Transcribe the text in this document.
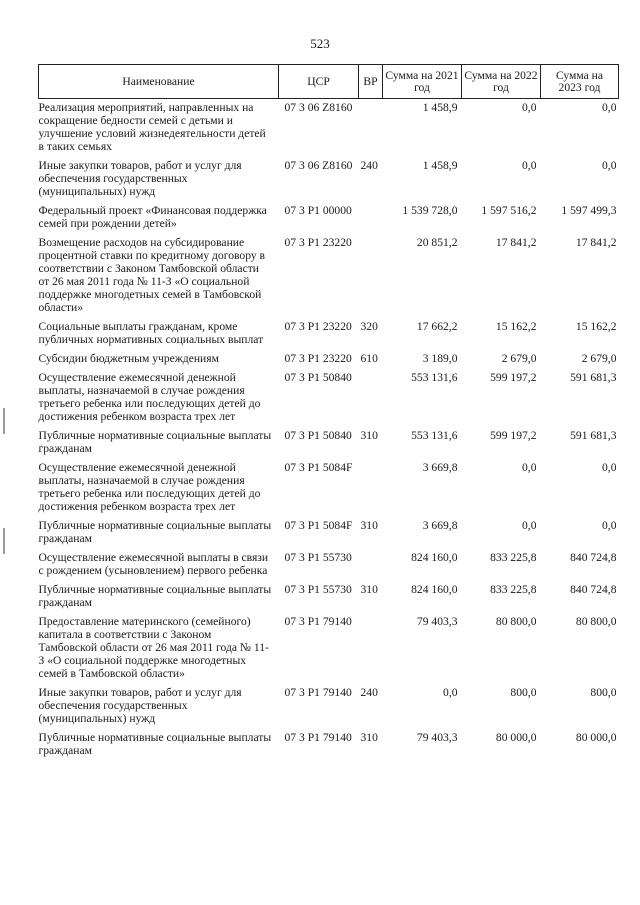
523
Наименование	ЦСР	ВР	Сумма на 2021 год	Сумма на 2022 год	Сумма на 2023 год
Реализация мероприятий, направленных на сокращение бедности семей с детьми и улучшение условий жизнедеятельности детей в таких семьях	07 3 06 Z8160		1 458,9	0,0	0,0
Иные закупки товаров, работ и услуг для обеспечения государственных (муниципальных) нужд	07 3 06 Z8160	240	1 458,9	0,0	0,0
Федеральный проект «Финансовая поддержка семей при рождении детей»	07 3 P1 00000		1 539 728,0	1 597 516,2	1 597 499,3
Возмещение расходов на субсидирование процентной ставки по кредитному договору в соответствии с Законом Тамбовской области от 26 мая 2011 года № 11-З «О социальной поддержке многодетных семей в Тамбовской области»	07 3 P1 23220		20 851,2	17 841,2	17 841,2
Социальные выплаты гражданам, кроме публичных нормативных социальных выплат	07 3 P1 23220	320	17 662,2	15 162,2	15 162,2
Субсидии бюджетным учреждениям	07 3 P1 23220	610	3 189,0	2 679,0	2 679,0
Осуществление ежемесячной денежной выплаты, назначаемой в случае рождения третьего ребенка или последующих детей до достижения ребенком возраста трех лет	07 3 P1 50840		553 131,6	599 197,2	591 681,3
Публичные нормативные социальные выплаты гражданам	07 3 P1 50840	310	553 131,6	599 197,2	591 681,3
Осуществление ежемесячной денежной выплаты, назначаемой в случае рождения третьего ребенка или последующих детей до достижения ребенком возраста трех лет	07 3 P1 5084F		3 669,8	0,0	0,0
Публичные нормативные социальные выплаты гражданам	07 3 P1 5084F	310	3 669,8	0,0	0,0
Осуществление ежемесячной выплаты в связи с рождением (усыновлением) первого ребенка	07 3 P1 55730		824 160,0	833 225,8	840 724,8
Публичные нормативные социальные выплаты гражданам	07 3 P1 55730	310	824 160,0	833 225,8	840 724,8
Предоставление материнского (семейного) капитала в соответствии с Законом Тамбовской области от 26 мая 2011 года № 11-З «О социальной поддержке многодетных семей в Тамбовской области»	07 3 P1 79140		79 403,3	80 800,0	80 800,0
Иные закупки товаров, работ и услуг для обеспечения государственных (муниципальных) нужд	07 3 P1 79140	240	0,0	800,0	800,0
Публичные нормативные социальные выплаты гражданам	07 3 P1 79140	310	79 403,3	80 000,0	80 000,0
